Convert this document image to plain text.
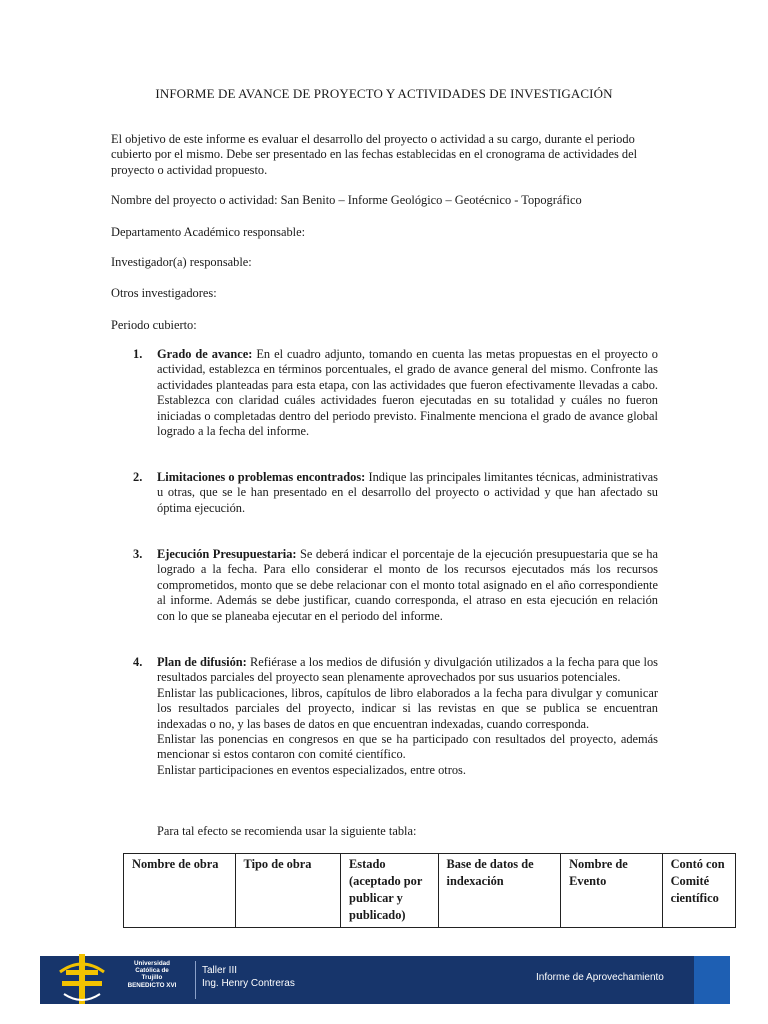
INFORME DE AVANCE DE PROYECTO Y ACTIVIDADES DE INVESTIGACIÓN
El objetivo de este informe es evaluar el desarrollo del proyecto o actividad a su cargo, durante el periodo cubierto por el mismo. Debe ser presentado en las fechas establecidas en el cronograma de actividades del proyecto o actividad propuesto.
Nombre del proyecto o actividad: San Benito – Informe Geológico – Geotécnico - Topográfico
Departamento Académico responsable:
Investigador(a) responsable:
Otros investigadores:
Periodo cubierto:
1. Grado de avance: En el cuadro adjunto, tomando en cuenta las metas propuestas en el proyecto o actividad, establezca en términos porcentuales, el grado de avance general del mismo. Confronte las actividades planteadas para esta etapa, con las actividades que fueron efectivamente llevadas a cabo. Establezca con claridad cuáles actividades fueron ejecutadas en su totalidad y cuáles no fueron iniciadas o completadas dentro del periodo previsto. Finalmente menciona el grado de avance global logrado a la fecha del informe.
2. Limitaciones o problemas encontrados: Indique las principales limitantes técnicas, administrativas u otras, que se le han presentado en el desarrollo del proyecto o actividad y que han afectado su óptima ejecución.
3. Ejecución Presupuestaria: Se deberá indicar el porcentaje de la ejecución presupuestaria que se ha logrado a la fecha. Para ello considerar el monto de los recursos ejecutados más los recursos comprometidos, monto que se debe relacionar con el monto total asignado en el año correspondiente al informe. Además se debe justificar, cuando corresponda, el atraso en esta ejecución en relación con lo que se planeaba ejecutar en el periodo del informe.
4. Plan de difusión: Refiérase a los medios de difusión y divulgación utilizados a la fecha para que los resultados parciales del proyecto sean plenamente aprovechados por sus usuarios potenciales.
Enlistar las publicaciones, libros, capítulos de libro elaborados a la fecha para divulgar y comunicar los resultados parciales del proyecto, indicar si las revistas en que se publica se encuentran indexadas o no, y las bases de datos en que encuentran indexadas, cuando corresponda.
Enlistar las ponencias en congresos en que se ha participado con resultados del proyecto, además mencionar si estos contaron con comité científico.
Enlistar participaciones en eventos especializados, entre otros.
Para tal efecto se recomienda usar la siguiente tabla:
Nombre de obra	Tipo de obra	Estado (aceptado por publicar y publicado)	Base de datos de indexación	Nombre de Evento	Contó con Comité científico
Universidad
Católica de
Trujillo
BENEDICTO XVI
Taller III
Ing. Henry Contreras
Informe de Aprovechamiento
